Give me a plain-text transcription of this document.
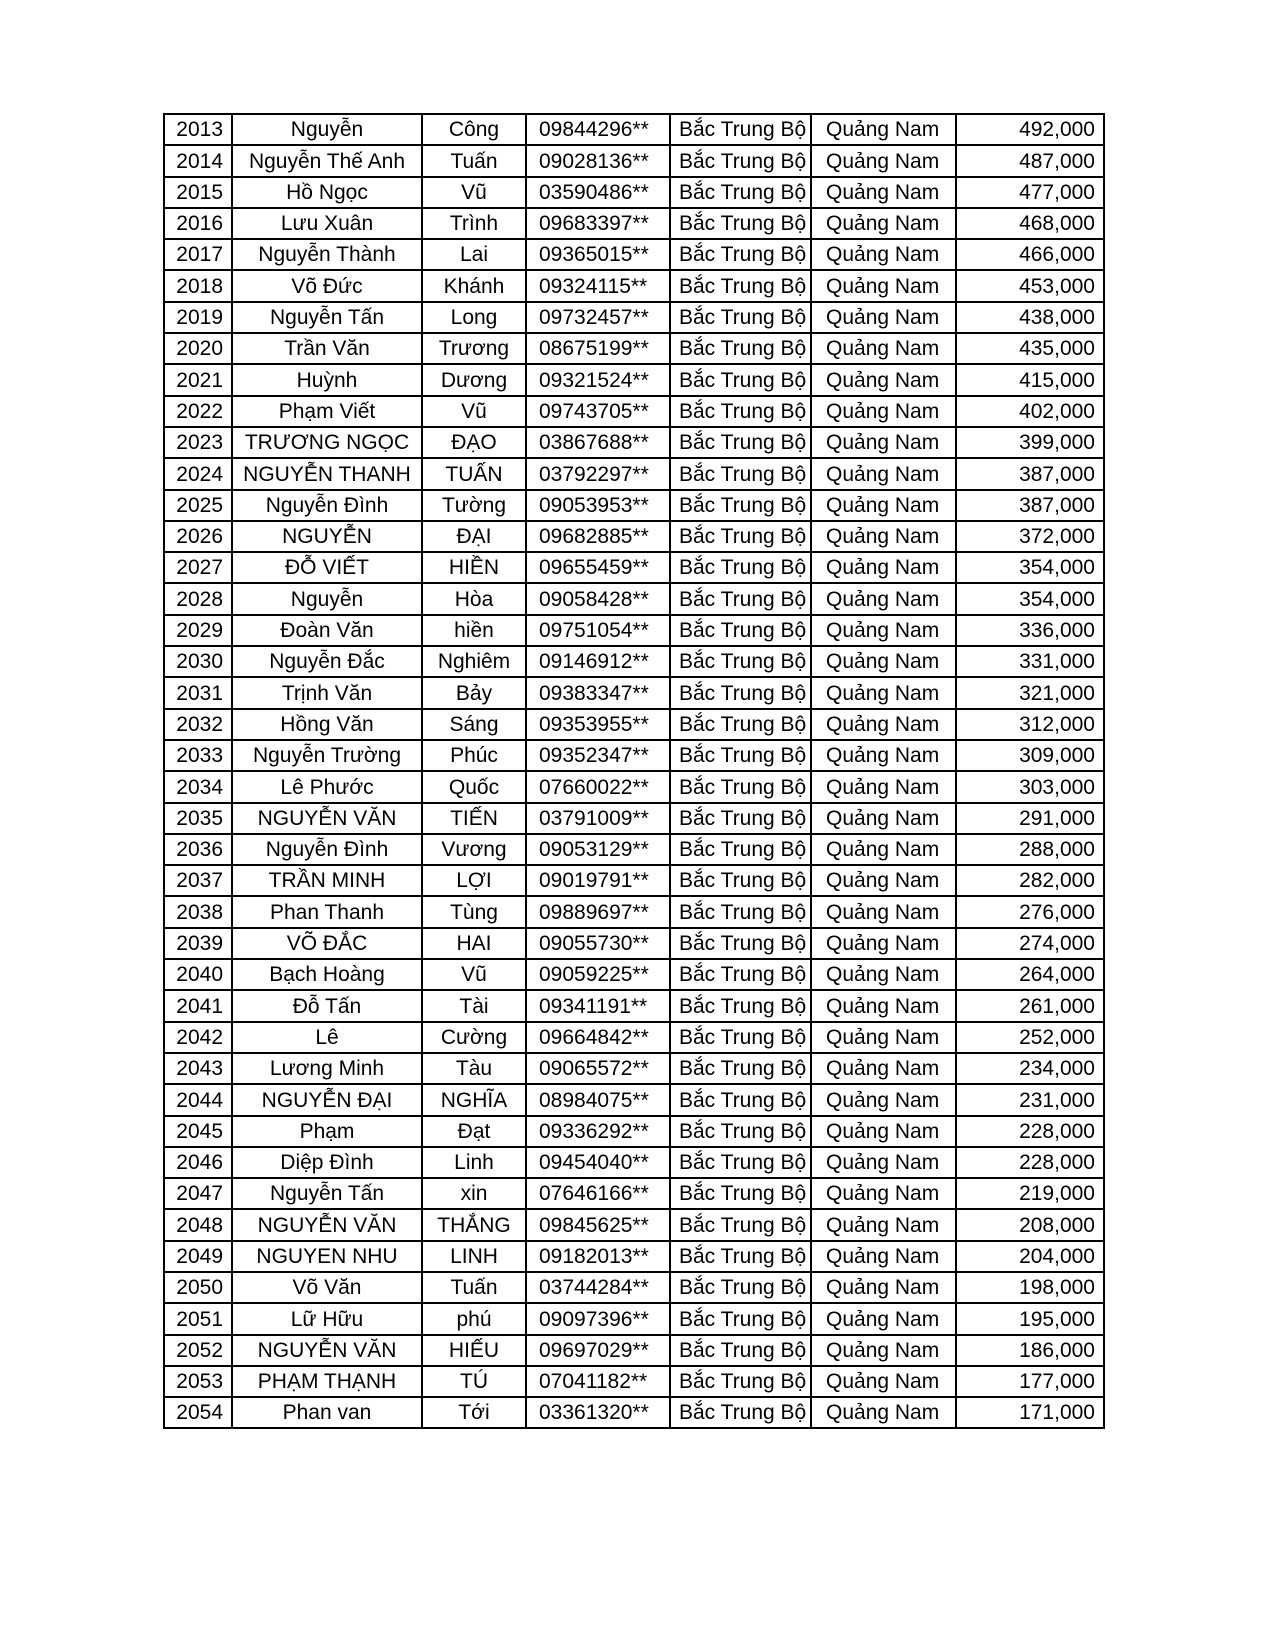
2013	Nguyễn	Công	09844296**	Bắc Trung Bộ	Quảng Nam	492,000
2014	Nguyễn Thế Anh	Tuấn	09028136**	Bắc Trung Bộ	Quảng Nam	487,000
2015	Hồ Ngọc	Vũ	03590486**	Bắc Trung Bộ	Quảng Nam	477,000
2016	Lưu Xuân	Trình	09683397**	Bắc Trung Bộ	Quảng Nam	468,000
2017	Nguyễn Thành	Lai	09365015**	Bắc Trung Bộ	Quảng Nam	466,000
2018	Võ Đức	Khánh	09324115**	Bắc Trung Bộ	Quảng Nam	453,000
2019	Nguyễn Tấn	Long	09732457**	Bắc Trung Bộ	Quảng Nam	438,000
2020	Trần Văn	Trương	08675199**	Bắc Trung Bộ	Quảng Nam	435,000
2021	Huỳnh	Dương	09321524**	Bắc Trung Bộ	Quảng Nam	415,000
2022	Phạm Viết	Vũ	09743705**	Bắc Trung Bộ	Quảng Nam	402,000
2023	TRƯƠNG NGỌC	ĐẠO	03867688**	Bắc Trung Bộ	Quảng Nam	399,000
2024	NGUYỄN THANH	TUẤN	03792297**	Bắc Trung Bộ	Quảng Nam	387,000
2025	Nguyễn Đình	Tường	09053953**	Bắc Trung Bộ	Quảng Nam	387,000
2026	NGUYỄN	ĐẠI	09682885**	Bắc Trung Bộ	Quảng Nam	372,000
2027	ĐỖ VIẾT	HIỀN	09655459**	Bắc Trung Bộ	Quảng Nam	354,000
2028	Nguyễn	Hòa	09058428**	Bắc Trung Bộ	Quảng Nam	354,000
2029	Đoàn Văn	hiền	09751054**	Bắc Trung Bộ	Quảng Nam	336,000
2030	Nguyễn Đắc	Nghiêm	09146912**	Bắc Trung Bộ	Quảng Nam	331,000
2031	Trịnh Văn	Bảy	09383347**	Bắc Trung Bộ	Quảng Nam	321,000
2032	Hồng Văn	Sáng	09353955**	Bắc Trung Bộ	Quảng Nam	312,000
2033	Nguyễn Trường	Phúc	09352347**	Bắc Trung Bộ	Quảng Nam	309,000
2034	Lê Phước	Quốc	07660022**	Bắc Trung Bộ	Quảng Nam	303,000
2035	NGUYỄN VĂN	TIẾN	03791009**	Bắc Trung Bộ	Quảng Nam	291,000
2036	Nguyễn Đình	Vương	09053129**	Bắc Trung Bộ	Quảng Nam	288,000
2037	TRẦN MINH	LỢI	09019791**	Bắc Trung Bộ	Quảng Nam	282,000
2038	Phan Thanh	Tùng	09889697**	Bắc Trung Bộ	Quảng Nam	276,000
2039	VÕ ĐẮC	HAI	09055730**	Bắc Trung Bộ	Quảng Nam	274,000
2040	Bạch Hoàng	Vũ	09059225**	Bắc Trung Bộ	Quảng Nam	264,000
2041	Đỗ Tấn	Tài	09341191**	Bắc Trung Bộ	Quảng Nam	261,000
2042	Lê	Cường	09664842**	Bắc Trung Bộ	Quảng Nam	252,000
2043	Lương Minh	Tàu	09065572**	Bắc Trung Bộ	Quảng Nam	234,000
2044	NGUYỄN ĐẠI	NGHĨA	08984075**	Bắc Trung Bộ	Quảng Nam	231,000
2045	Phạm	Đạt	09336292**	Bắc Trung Bộ	Quảng Nam	228,000
2046	Diệp Đình	Linh	09454040**	Bắc Trung Bộ	Quảng Nam	228,000
2047	Nguyễn Tấn	xin	07646166**	Bắc Trung Bộ	Quảng Nam	219,000
2048	NGUYỄN VĂN	THẮNG	09845625**	Bắc Trung Bộ	Quảng Nam	208,000
2049	NGUYEN NHU	LINH	09182013**	Bắc Trung Bộ	Quảng Nam	204,000
2050	Võ Văn	Tuấn	03744284**	Bắc Trung Bộ	Quảng Nam	198,000
2051	Lữ Hữu	phú	09097396**	Bắc Trung Bộ	Quảng Nam	195,000
2052	NGUYỄN VĂN	HIẾU	09697029**	Bắc Trung Bộ	Quảng Nam	186,000
2053	PHẠM THẠNH	TÚ	07041182**	Bắc Trung Bộ	Quảng Nam	177,000
2054	Phan van	Tới	03361320**	Bắc Trung Bộ	Quảng Nam	171,000
